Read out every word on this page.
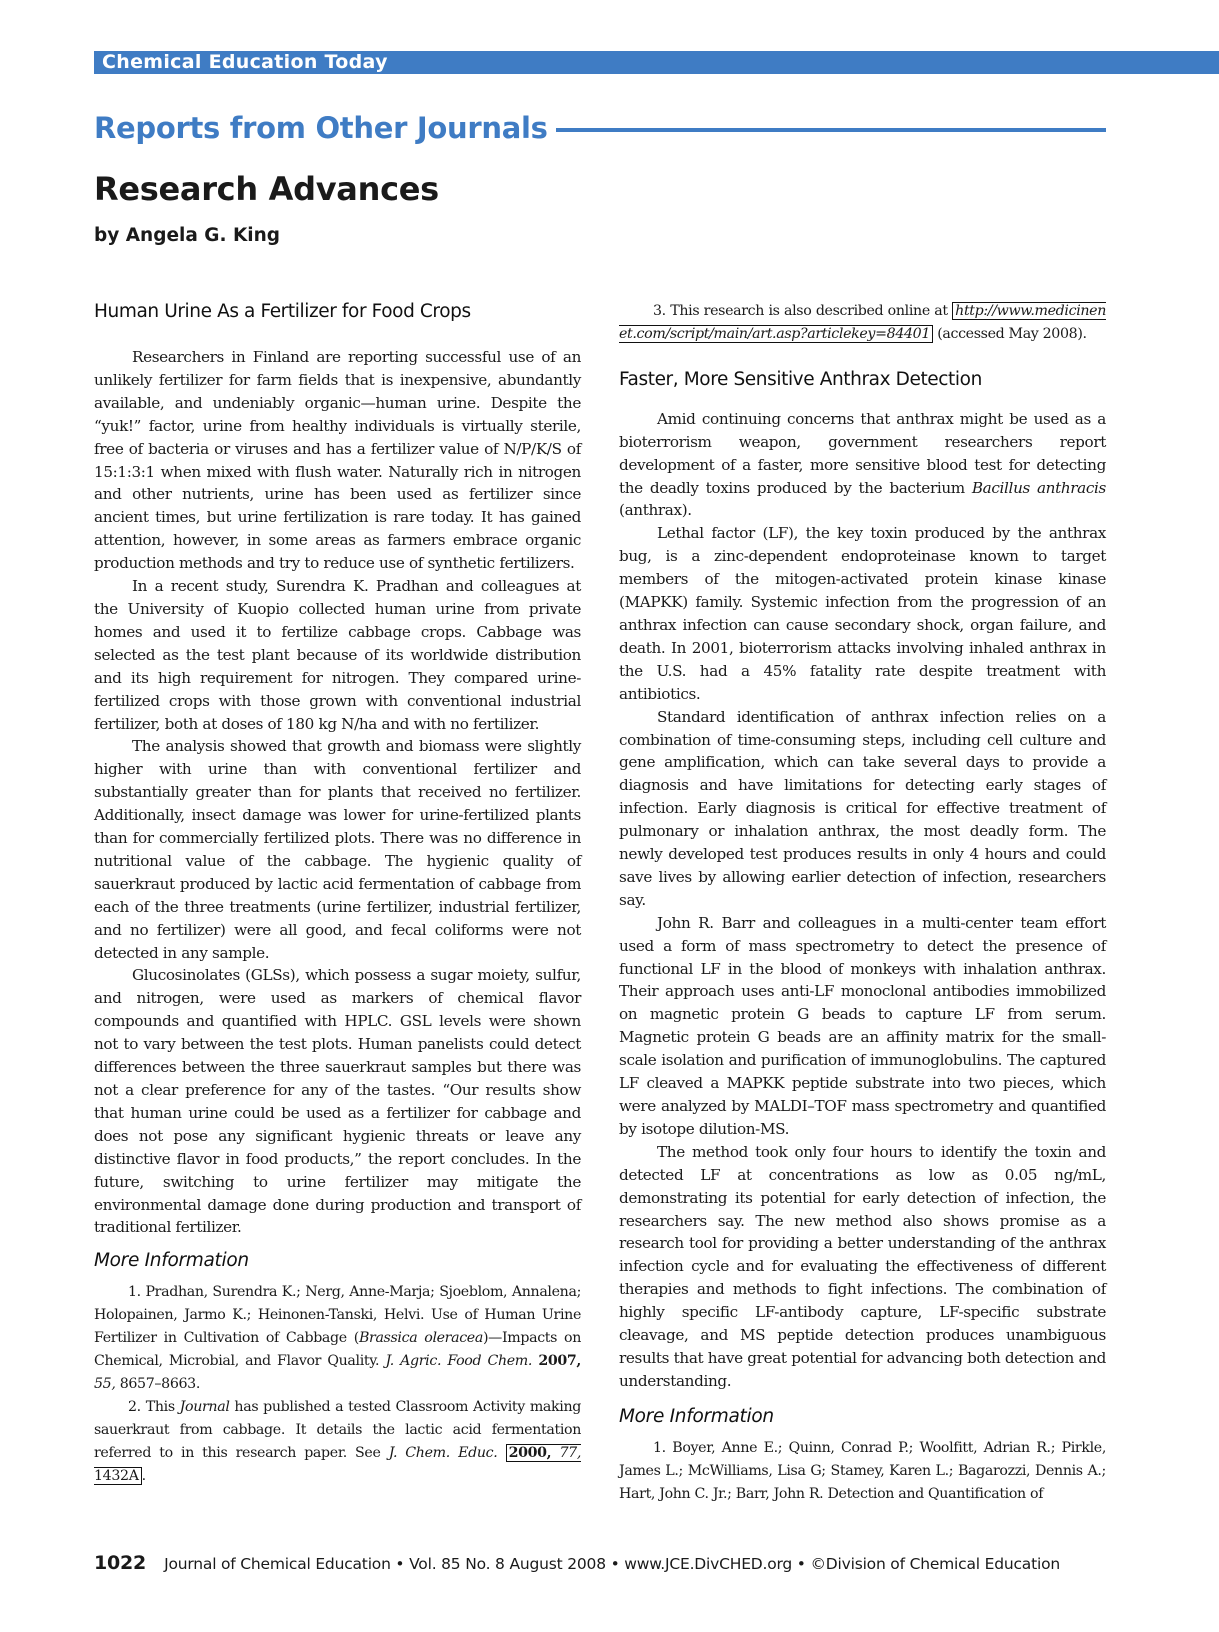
Chemical Education Today
Reports from Other Journals
Research Advances
by Angela G. King
Human Urine As a Fertilizer for Food Crops

Researchers in Finland are reporting successful use of an unlikely fertilizer for farm fields that is inexpensive, abundantly available, and undeniably organic—human urine. Despite the “yuk!” factor, urine from healthy individuals is virtually sterile, free of bacteria or viruses and has a fertilizer value of N/P/K/S of 15:1:3:1 when mixed with flush water. Naturally rich in nitrogen and other nutrients, urine has been used as fertilizer since ancient times, but urine fertilization is rare today. It has gained attention, however, in some areas as farmers embrace organic production methods and try to reduce use of synthetic fertilizers.

In a recent study, Surendra K. Pradhan and colleagues at the University of Kuopio collected human urine from private homes and used it to fertilize cabbage crops. Cabbage was selected as the test plant because of its worldwide distribution and its high requirement for nitrogen. They compared urine-fertilized crops with those grown with conventional industrial fertilizer, both at doses of 180 kg N/ha and with no fertilizer.

The analysis showed that growth and biomass were slightly higher with urine than with conventional fertilizer and substantially greater than for plants that received no fertilizer. Additionally, insect damage was lower for urine-fertilized plants than for commercially fertilized plots. There was no difference in nutritional value of the cabbage. The hygienic quality of sauerkraut produced by lactic acid fermentation of cabbage from each of the three treatments (urine fertilizer, industrial fertilizer, and no fertilizer) were all good, and fecal coliforms were not detected in any sample.

Glucosinolates (GLSs), which possess a sugar moiety, sulfur, and nitrogen, were used as markers of chemical flavor compounds and quantified with HPLC. GSL levels were shown not to vary between the test plots. Human panelists could detect differences between the three sauerkraut samples but there was not a clear preference for any of the tastes. “Our results show that human urine could be used as a fertilizer for cabbage and does not pose any significant hygienic threats or leave any distinctive flavor in food products,” the report concludes. In the future, switching to urine fertilizer may mitigate the environmental damage done during production and transport of traditional fertilizer.

More Information

1. Pradhan, Surendra K.; Nerg, Anne-Marja; Sjoeblom, Annalena; Holopainen, Jarmo K.; Heinonen-Tanski, Helvi. Use of Human Urine Fertilizer in Cultivation of Cabbage (Brassica oleracea)—Impacts on Chemical, Microbial, and Flavor Quality. J. Agric. Food Chem. 2007, 55, 8657–8663.

2. This Journal has published a tested Classroom Activity making sauerkraut from cabbage. It details the lactic acid fermentation referred to in this research paper. See J. Chem. Educ. 2000, 77, 1432A .

3. This research is also described online at http://www.medicinenet.com/script/main/art.asp?articlekey=84401 (accessed May 2008).

Faster, More Sensitive Anthrax Detection

Amid continuing concerns that anthrax might be used as a bioterrorism weapon, government researchers report development of a faster, more sensitive blood test for detecting the deadly toxins produced by the bacterium Bacillus anthracis (anthrax).

Lethal factor (LF), the key toxin produced by the anthrax bug, is a zinc-dependent endoproteinase known to target members of the mitogen-activated protein kinase kinase (MAPKK) family. Systemic infection from the progression of an anthrax infection can cause secondary shock, organ failure, and death. In 2001, bioterrorism attacks involving inhaled anthrax in the U.S. had a 45% fatality rate despite treatment with antibiotics.

Standard identification of anthrax infection relies on a combination of time-consuming steps, including cell culture and gene amplification, which can take several days to provide a diagnosis and have limitations for detecting early stages of infection. Early diagnosis is critical for effective treatment of pulmonary or inhalation anthrax, the most deadly form. The newly developed test produces results in only 4 hours and could save lives by allowing earlier detection of infection, researchers say.

John R. Barr and colleagues in a multi-center team effort used a form of mass spectrometry to detect the presence of functional LF in the blood of monkeys with inhalation anthrax. Their approach uses anti-LF monoclonal antibodies immobilized on magnetic protein G beads to capture LF from serum. Magnetic protein G beads are an affinity matrix for the small-scale isolation and purification of immunoglobulins. The captured LF cleaved a MAPKK peptide substrate into two pieces, which were analyzed by MALDI–TOF mass spectrometry and quantified by isotope dilution-MS.

The method took only four hours to identify the toxin and detected LF at concentrations as low as 0.05 ng/mL, demonstrating its potential for early detection of infection, the researchers say. The new method also shows promise as a research tool for providing a better understanding of the anthrax infection cycle and for evaluating the effectiveness of different therapies and methods to fight infections. The combination of highly specific LF-antibody capture, LF-specific substrate cleavage, and MS peptide detection produces unambiguous results that have great potential for advancing both detection and understanding.

More Information

1. Boyer, Anne E.; Quinn, Conrad P.; Woolfitt, Adrian R.; Pirkle, James L.; McWilliams, Lisa G; Stamey, Karen L.; Bagarozzi, Dennis A.; Hart, John C. Jr.; Barr, John R. Detection and Quantification of

1022 Journal of Chemical Education • Vol. 85 No. 8 August 2008 • www.JCE.DivCHED.org • ©Division of Chemical Education
